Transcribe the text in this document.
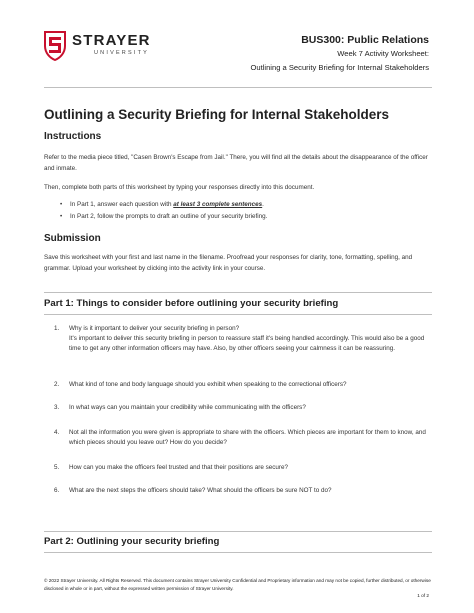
STRAYER
UNIVERSITY
BUS300: Public Relations
Week 7 Activity Worksheet:
Outlining a Security Briefing for Internal Stakeholders
Outlining a Security Briefing for Internal Stakeholders
Instructions

Refer to the media piece titled, "Casen Brown's Escape from Jail." There, you will find all the details about the disappearance of the officer and inmate.

Then, complete both parts of this worksheet by typing your responses directly into this document.

• In Part 1, answer each question with at least 3 complete sentences.
• In Part 2, follow the prompts to draft an outline of your security briefing.
Submission

Save this worksheet with your first and last name in the filename. Proofread your responses for clarity, tone, formatting, spelling, and grammar. Upload your worksheet by clicking into the activity link in your course.

Part 1: Things to consider before outlining your security briefing
1. Why is it important to deliver your security briefing in person?
It's important to deliver this security briefing in person to reassure staff it's being handled accordingly. This would also be a good time to get any other information officers may have. Also, by other officers seeing your calmness it can be reassuring.
2. What kind of tone and body language should you exhibit when speaking to the correctional officers?
3. In what ways can you maintain your credibility while communicating with the officers?
4. Not all the information you were given is appropriate to share with the officers. Which pieces are important for them to know, and which pieces should you leave out? How do you decide?
5. How can you make the officers feel trusted and that their positions are secure?
6. What are the next steps the officers should take? What should the officers be sure NOT to do?
Part 2: Outlining your security briefing
© 2022 Strayer University. All Rights Reserved. This document contains Strayer University Confidential and Proprietary information and may not be copied, further distributed, or otherwise disclosed in whole or in part, without the expressed written permission of Strayer University.
1 of 2
